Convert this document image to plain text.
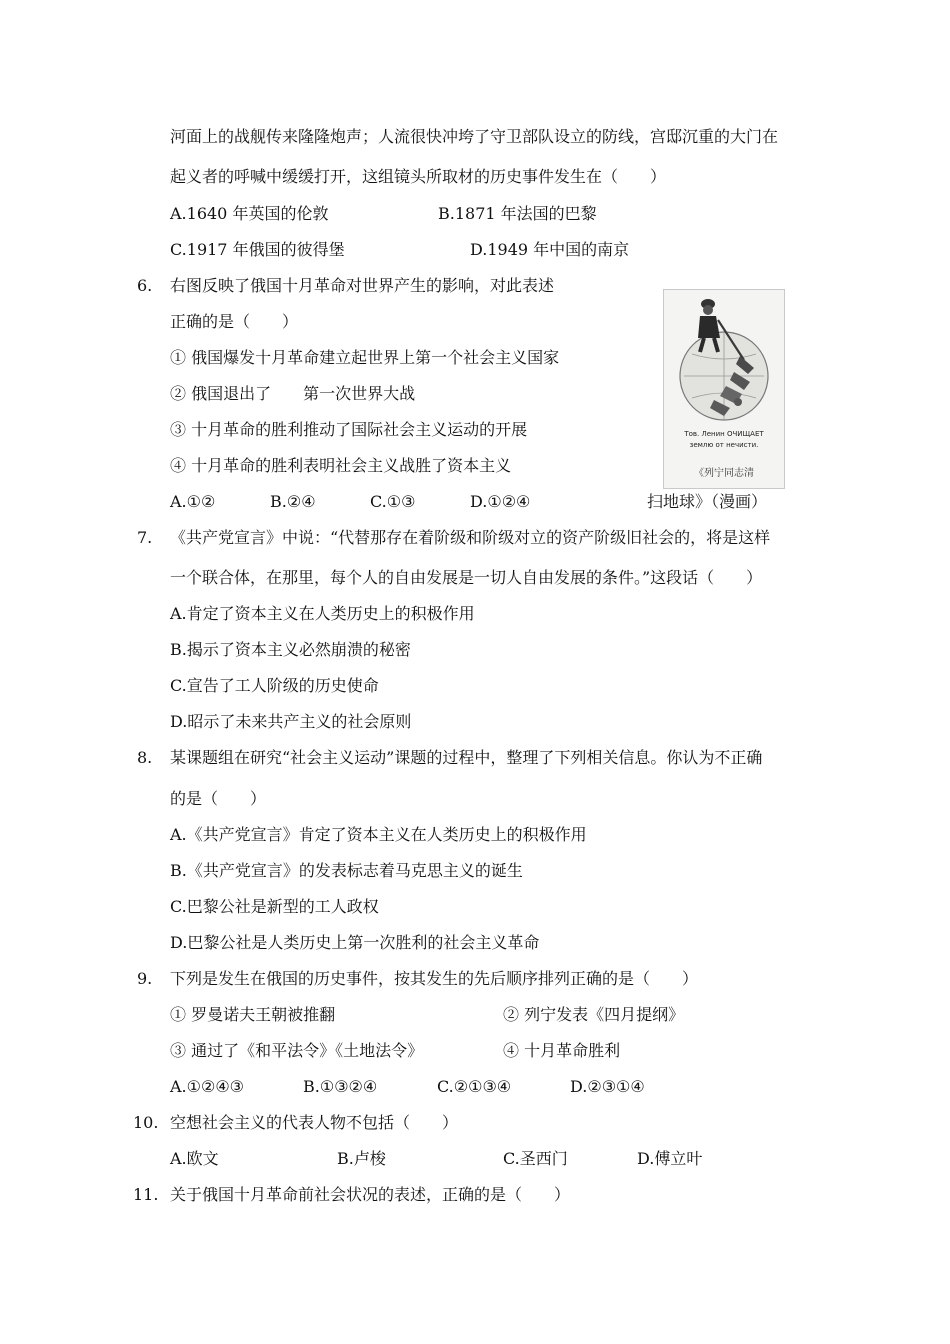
河面上的战舰传来隆隆炮声；人流很快冲垮了守卫部队设立的防线，宫邸沉重的大门在
起义者的呼喊中缓缓打开，这组镜头所取材的历史事件发生在（　　）
A.1640 年英国的伦敦	B.1871 年法国的巴黎
C.1917 年俄国的彼得堡	D.1949 年中国的南京
6. 右图反映了俄国十月革命对世界产生的影响，对此表述
正确的是（　　）
① 俄国爆发十月革命建立起世界上第一个社会主义国家
② 俄国退出了　　第一次世界大战
③ 十月革命的胜利推动了国际社会主义运动的开展
④ 十月革命的胜利表明社会主义战胜了资本主义
A.①②	B.②④	C.①③	D.①②④	扫地球》（漫画）
Тов. Ленин ОЧИЩАЕТ
землю от нечисти.
《列宁同志清
7. 《共产党宣言》中说：“代替那存在着阶级和阶级对立的资产阶级旧社会的，将是这样
一个联合体，在那里，每个人的自由发展是一切人自由发展的条件。”这段话（　　）
A.肯定了资本主义在人类历史上的积极作用
B.揭示了资本主义必然崩溃的秘密
C.宣告了工人阶级的历史使命
D.昭示了未来共产主义的社会原则
8. 某课题组在研究“社会主义运动”课题的过程中，整理了下列相关信息。你认为不正确
的是（　　）
A.《共产党宣言》肯定了资本主义在人类历史上的积极作用
B.《共产党宣言》的发表标志着马克思主义的诞生
C.巴黎公社是新型的工人政权
D.巴黎公社是人类历史上第一次胜利的社会主义革命
9. 下列是发生在俄国的历史事件，按其发生的先后顺序排列正确的是（　　）
① 罗曼诺夫王朝被推翻	② 列宁发表《四月提纲》
③ 通过了《和平法令》《土地法令》	④ 十月革命胜利
A.①②④③	B.①③②④	C.②①③④	D.②③①④
10. 空想社会主义的代表人物不包括（　　）
A.欧文	B.卢梭	C.圣西门	D.傅立叶
11. 关于俄国十月革命前社会状况的表述，正确的是（　　）
